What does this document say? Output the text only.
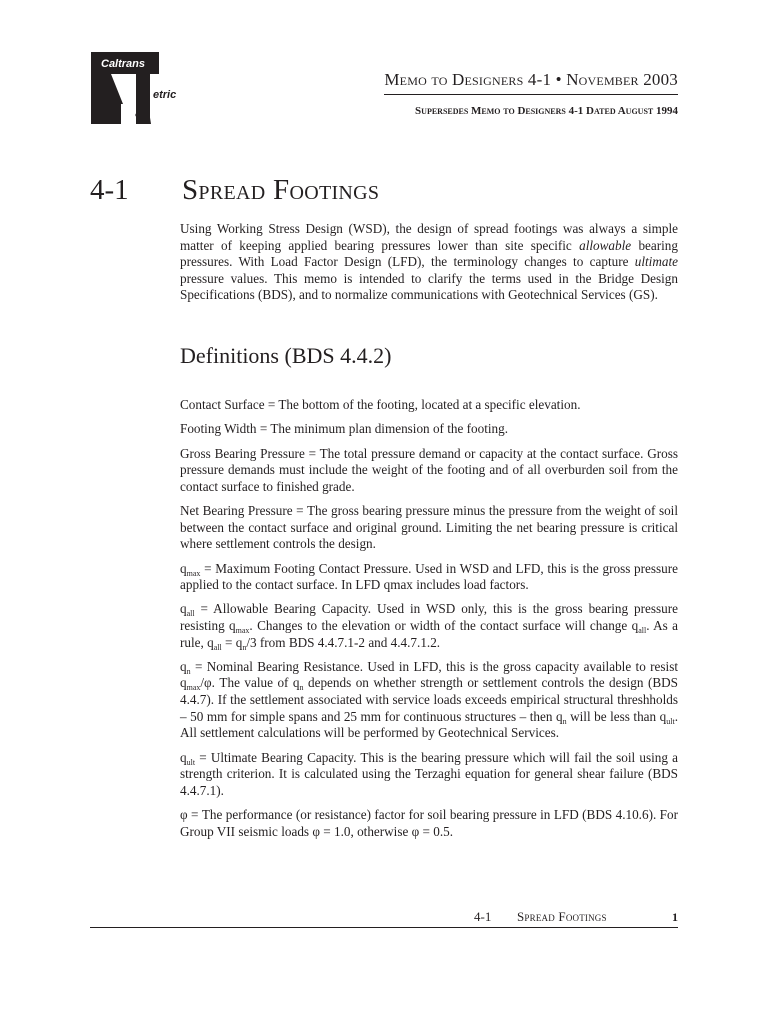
Caltrans
etric
Memo to Designers 4-1 • November 2003
Supersedes Memo to Designers 4-1 Dated August 1994
4-1 Spread Footings

Using Working Stress Design (WSD), the design of spread footings was always a simple matter of keeping applied bearing pressures lower than site specific allowable bearing pressures. With Load Factor Design (LFD), the terminology changes to capture ultimate pressure values. This memo is intended to clarify the terms used in the Bridge Design Specifications (BDS), and to normalize communications with Geotechnical Services (GS).

Definitions (BDS 4.4.2)

Contact Surface = The bottom of the footing, located at a specific elevation.

Footing Width = The minimum plan dimension of the footing.

Gross Bearing Pressure = The total pressure demand or capacity at the contact surface. Gross pressure demands must include the weight of the footing and of all overburden soil from the contact surface to finished grade.

Net Bearing Pressure = The gross bearing pressure minus the pressure from the weight of soil between the contact surface and original ground. Limiting the net bearing pressure is critical where settlement controls the design.

$q_{max}$ = Maximum Footing Contact Pressure. Used in WSD and LFD, this is the gross pressure applied to the contact surface. In LFD qmax includes load factors.

$q_{all}$ = Allowable Bearing Capacity. Used in WSD only, this is the gross bearing pressure resisting $q_{max}$. Changes to the elevation or width of the contact surface will change $q_{all}$. As a rule, $q_{all} = q_n/3$ from BDS 4.4.7.1-2 and 4.4.7.1.2.

$q_n$ = Nominal Bearing Resistance. Used in LFD, this is the gross capacity available to resist $q_{max}/\varphi$. The value of $q_n$ depends on whether strength or settlement controls the design (BDS 4.4.7). If the settlement associated with service loads exceeds empirical structural threshholds – 50 mm for simple spans and 25 mm for continuous structures – then $q_n$ will be less than $q_{ult}$. All settlement calculations will be performed by Geotechnical Services.

$q_{ult}$ = Ultimate Bearing Capacity. This is the bearing pressure which will fail the soil using a strength criterion. It is calculated using the Terzaghi equation for general shear failure (BDS 4.4.7.1).

φ = The performance (or resistance) factor for soil bearing pressure in LFD (BDS 4.10.6). For Group VII seismic loads φ = 1.0, otherwise φ = 0.5.

4-1 Spread Footings	1
